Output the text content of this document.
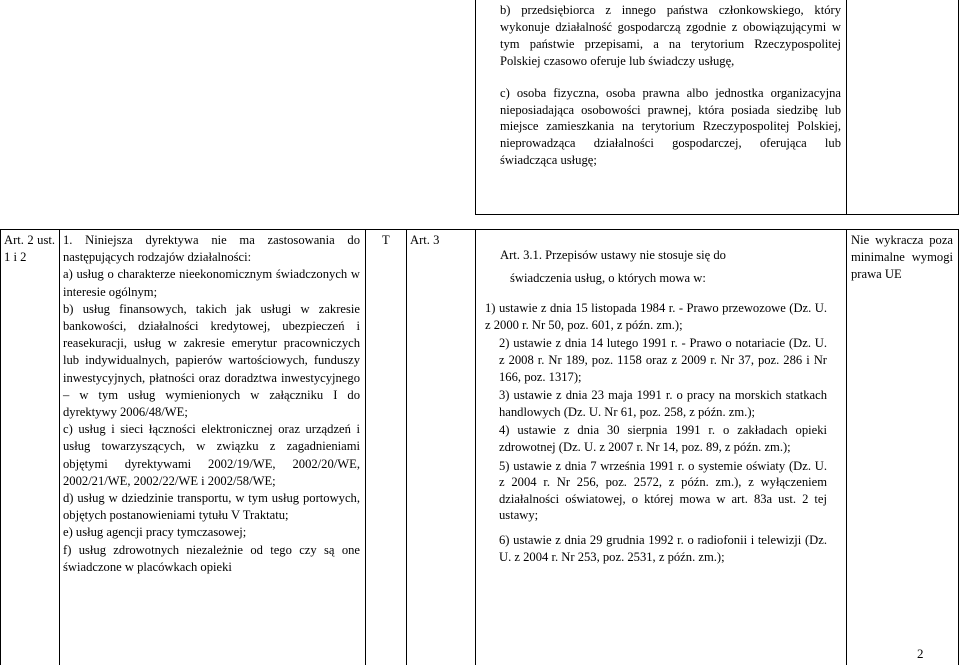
b) przedsiębiorca z innego państwa członkowskiego, który wykonuje działalność gospodarczą zgodnie z obowiązującymi w tym państwie przepisami, a na terytorium Rzeczypospolitej Polskiej czasowo oferuje lub świadczy usługę,

c) osoba fizyczna, osoba prawna albo jednostka organizacyjna nieposiadająca osobowości prawnej, która posiada siedzibę lub miejsce zamieszkania na terytorium Rzeczypospolitej Polskiej, nieprowadząca działalności gospodarczej, oferująca lub świadcząca usługę;

Art. 2 ust. 1 i 2

1. Niniejsza dyrektywa nie ma zastosowania do następujących rodzajów działalności:

a) usług o charakterze nieekonomicznym świadczonych w interesie ogólnym;

b) usług finansowych, takich jak usługi w zakresie bankowości, działalności kredytowej, ubezpieczeń i reasekuracji, usług w zakresie emerytur pracowniczych lub indywidualnych, papierów wartościowych, funduszy inwestycyjnych, płatności oraz doradztwa inwestycyjnego – w tym usług wymienionych w załączniku I do dyrektywy 2006/48/WE;

c) usług i sieci łączności elektronicznej oraz urządzeń i usług towarzyszących, w związku z zagadnieniami objętymi dyrektywami 2002/19/WE, 2002/20/WE, 2002/21/WE, 2002/22/WE i 2002/58/WE;

d) usług w dziedzinie transportu, w tym usług portowych, objętych postanowieniami tytułu V Traktatu;

e) usług agencji pracy tymczasowej;

f) usług zdrowotnych niezależnie od tego czy są one świadczone w placówkach opieki

T	Art. 3

Art. 3.1. Przepisów ustawy nie stosuje się do

świadczenia usług, o których mowa w:

1) ustawie z dnia 15 listopada 1984 r. - Prawo przewozowe (Dz. U. z 2000 r. Nr 50, poz. 601, z późn. zm.);

2) ustawie z dnia 14 lutego 1991 r. - Prawo o notariacie (Dz. U. z 2008 r. Nr 189, poz. 1158 oraz z 2009 r. Nr 37, poz. 286 i Nr 166, poz. 1317);

3) ustawie z dnia 23 maja 1991 r. o pracy na morskich statkach handlowych (Dz. U. Nr 61, poz. 258, z późn. zm.);

4) ustawie z dnia 30 sierpnia 1991 r. o zakładach opieki zdrowotnej (Dz. U. z 2007 r. Nr 14, poz. 89, z późn. zm.);

5) ustawie z dnia 7 września 1991 r. o systemie oświaty (Dz. U. z 2004 r. Nr 256, poz. 2572, z późn. zm.), z wyłączeniem działalności oświatowej, o której mowa w art. 83a ust. 2 tej ustawy;

6) ustawie z dnia 29 grudnia 1992 r. o radiofonii i telewizji (Dz. U. z 2004 r. Nr 253, poz. 2531, z późn. zm.);

Nie wykracza poza minimalne wymogi prawa UE
2
